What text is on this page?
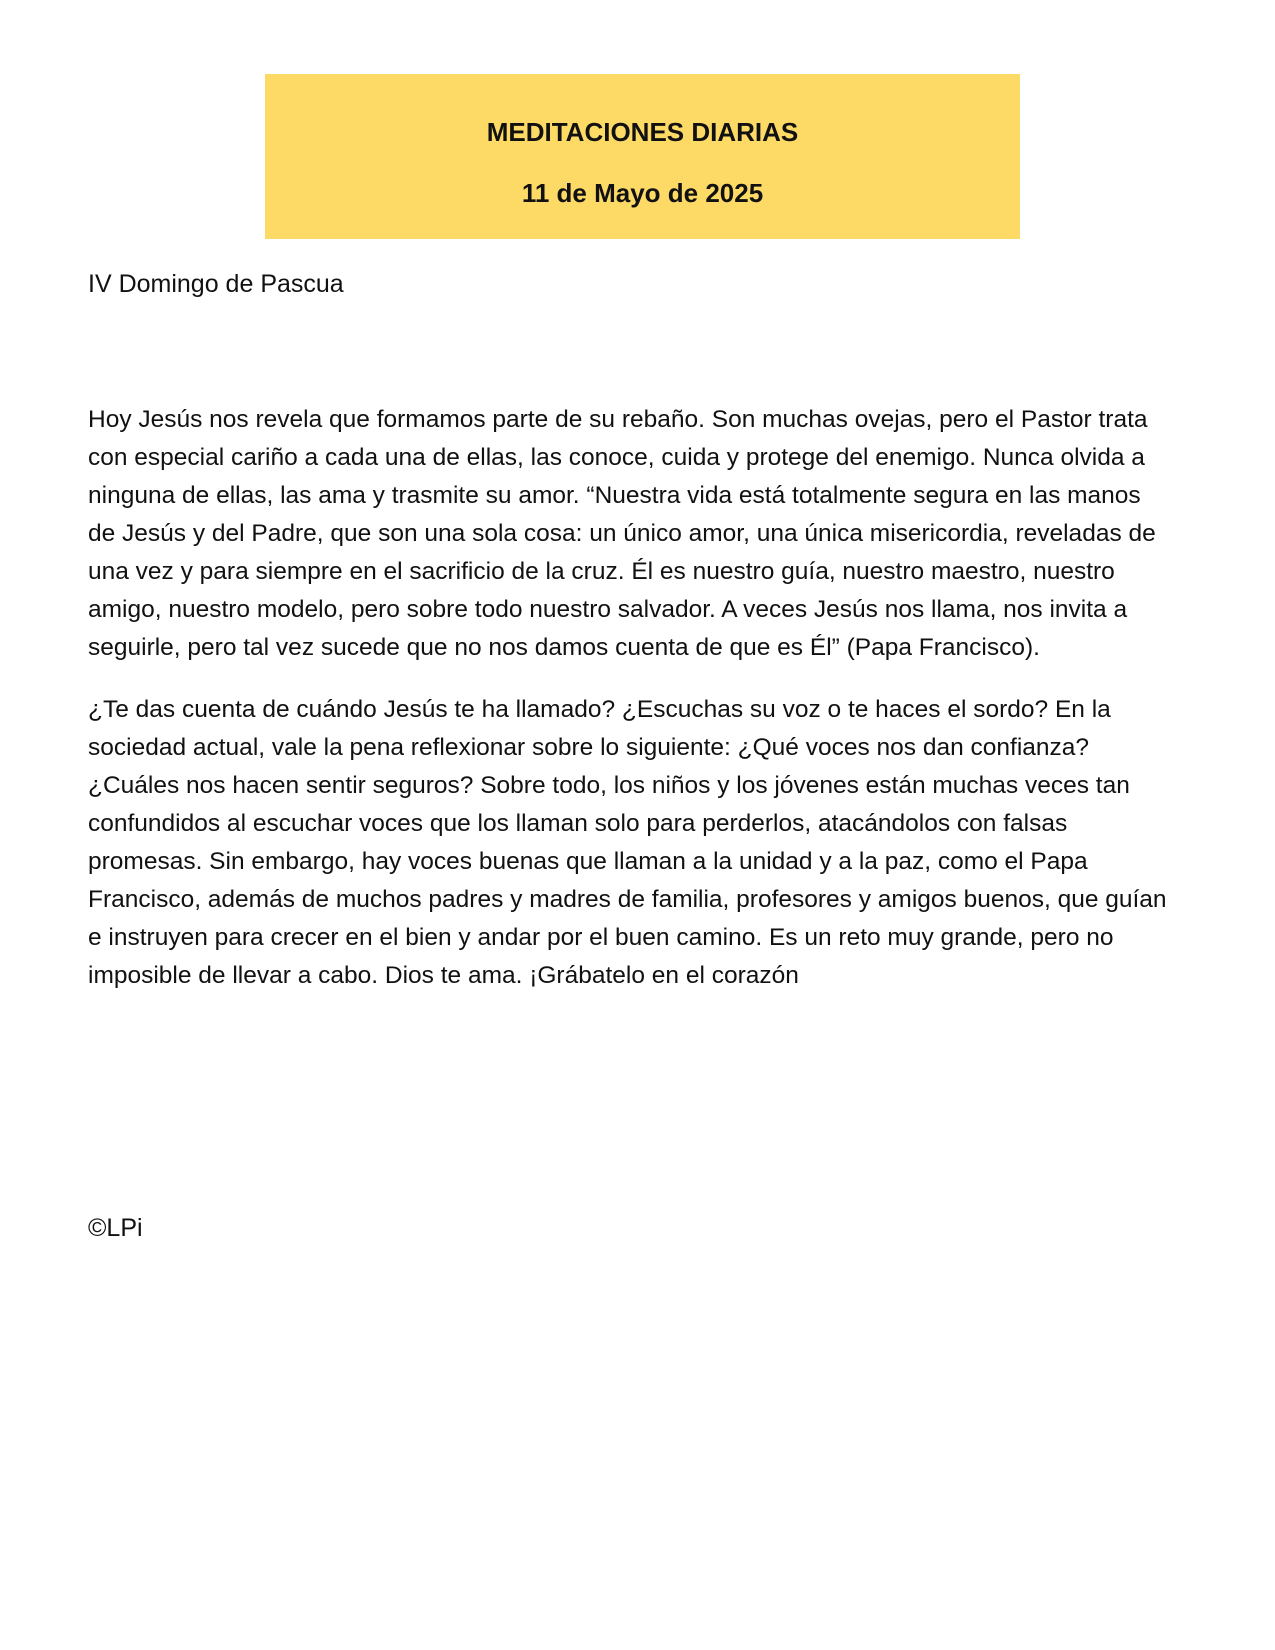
MEDITACIONES DIARIAS
11 de Mayo de 2025
IV Domingo de Pascua

Hoy Jesús nos revela que formamos parte de su rebaño. Son muchas ovejas, pero el Pastor trata con especial cariño a cada una de ellas, las conoce, cuida y protege del enemigo. Nunca olvida a ninguna de ellas, las ama y trasmite su amor. “Nuestra vida está totalmente segura en las manos de Jesús y del Padre, que son una sola cosa: un único amor, una única misericordia, reveladas de una vez y para siempre en el sacrificio de la cruz. Él es nuestro guía, nuestro maestro, nuestro amigo, nuestro modelo, pero sobre todo nuestro salvador. A veces Jesús nos llama, nos invita a seguirle, pero tal vez sucede que no nos damos cuenta de que es Él” (Papa Francisco).

¿Te das cuenta de cuándo Jesús te ha llamado? ¿Escuchas su voz o te haces el sordo? En la sociedad actual, vale la pena reflexionar sobre lo siguiente: ¿Qué voces nos dan confianza? ¿Cuáles nos hacen sentir seguros? Sobre todo, los niños y los jóvenes están muchas veces tan confundidos al escuchar voces que los llaman solo para perderlos, atacándolos con falsas promesas. Sin embargo, hay voces buenas que llaman a la unidad y a la paz, como el Papa Francisco, además de muchos padres y madres de familia, profesores y amigos buenos, que guían e instruyen para crecer en el bien y andar por el buen camino. Es un reto muy grande, pero no imposible de llevar a cabo. Dios te ama. ¡Grábatelo en el corazón

©LPi
